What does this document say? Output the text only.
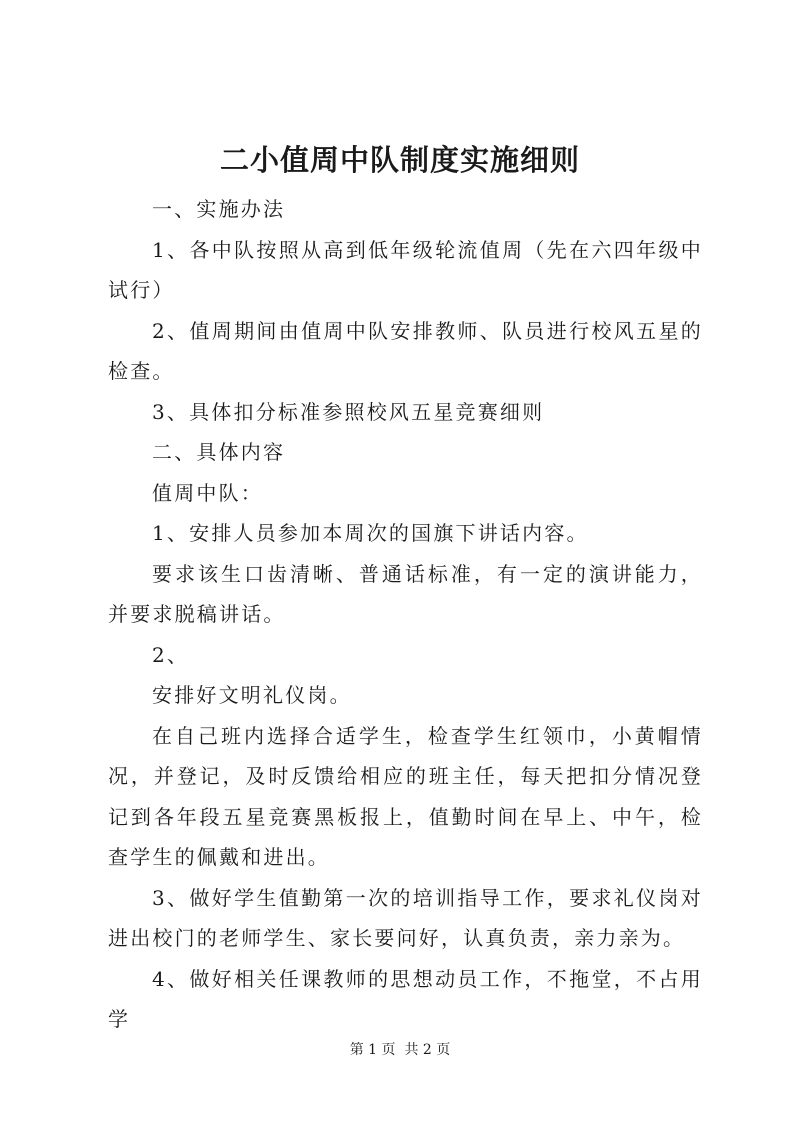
二小值周中队制度实施细则

一、实施办法

1、各中队按照从高到低年级轮流值周（先在六四年级中试行）

2、值周期间由值周中队安排教师、队员进行校风五星的检查。

3、具体扣分标准参照校风五星竞赛细则

二、具体内容

值周中队：

1、安排人员参加本周次的国旗下讲话内容。

要求该生口齿清晰、普通话标准，有一定的演讲能力，并要求脱稿讲话。

2、

安排好文明礼仪岗。

在自己班内选择合适学生，检查学生红领巾，小黄帽情况，并登记，及时反馈给相应的班主任，每天把扣分情况登记到各年段五星竞赛黑板报上，值勤时间在早上、中午，检查学生的佩戴和进出。

3、做好学生值勤第一次的培训指导工作，要求礼仪岗对进出校门的老师学生、家长要问好，认真负责，亲力亲为。

4、做好相关任课教师的思想动员工作，不拖堂，不占用学

第 1 页  共 2 页
